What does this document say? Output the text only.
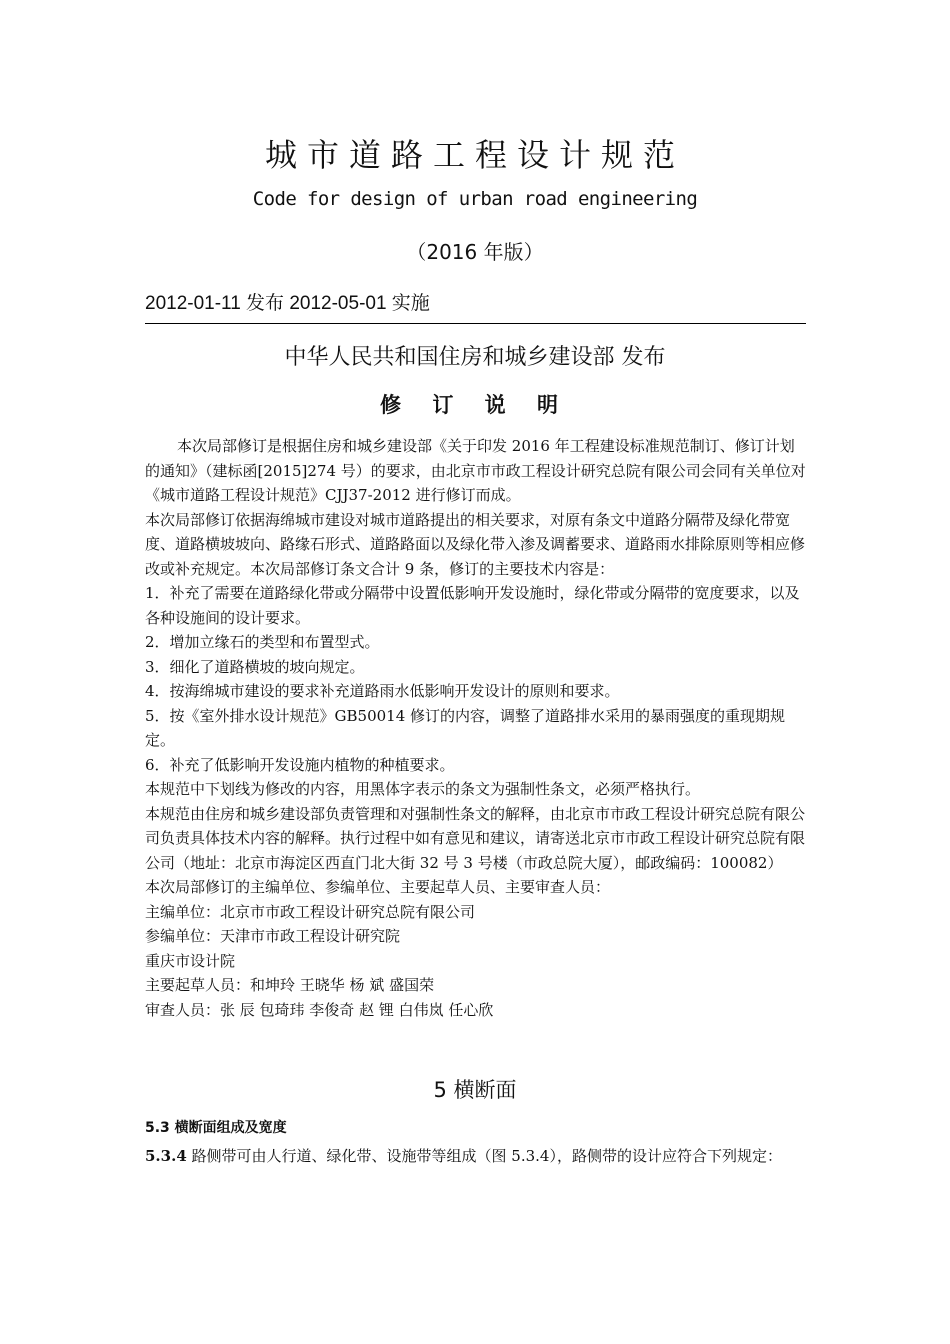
城市道路工程设计规范
Code for design of urban road engineering
（2016 年版）
2012-01-11 发布 2012-05-01 实施
中华人民共和国住房和城乡建设部 发布
修 订 说 明

本次局部修订是根据住房和城乡建设部《关于印发 2016 年工程建设标准规范制订、修订计划的通知》（建标函[2015]274 号）的要求，由北京市市政工程设计研究总院有限公司会同有关单位对《城市道路工程设计规范》CJJ37-2012 进行修订而成。

本次局部修订依据海绵城市建设对城市道路提出的相关要求，对原有条文中道路分隔带及绿化带宽度、道路横坡坡向、路缘石形式、道路路面以及绿化带入渗及调蓄要求、道路雨水排除原则等相应修改或补充规定。本次局部修订条文合计 9 条，修订的主要技术内容是：

1．补充了需要在道路绿化带或分隔带中设置低影响开发设施时，绿化带或分隔带的宽度要求，以及各种设施间的设计要求。

2．增加立缘石的类型和布置型式。

3．细化了道路横坡的坡向规定。

4．按海绵城市建设的要求补充道路雨水低影响开发设计的原则和要求。

5．按《室外排水设计规范》GB50014 修订的内容，调整了道路排水采用的暴雨强度的重现期规定。

6．补充了低影响开发设施内植物的种植要求。

本规范中下划线为修改的内容，用黑体字表示的条文为强制性条文，必须严格执行。

本规范由住房和城乡建设部负责管理和对强制性条文的解释，由北京市市政工程设计研究总院有限公司负责具体技术内容的解释。执行过程中如有意见和建议，请寄送北京市市政工程设计研究总院有限公司（地址：北京市海淀区西直门北大街 32 号 3 号楼（市政总院大厦），邮政编码：100082）

本次局部修订的主编单位、参编单位、主要起草人员、主要审查人员：

主编单位：北京市市政工程设计研究总院有限公司

参编单位：天津市市政工程设计研究院

重庆市设计院

主要起草人员：和坤玲 王晓华 杨 斌 盛国荣

审查人员：张 辰 包琦玮 李俊奇 赵 锂 白伟岚 任心欣

5 横断面

5.3 横断面组成及宽度

5.3.4 路侧带可由人行道、绿化带、设施带等组成（图 5.3.4），路侧带的设计应符合下列规定：
